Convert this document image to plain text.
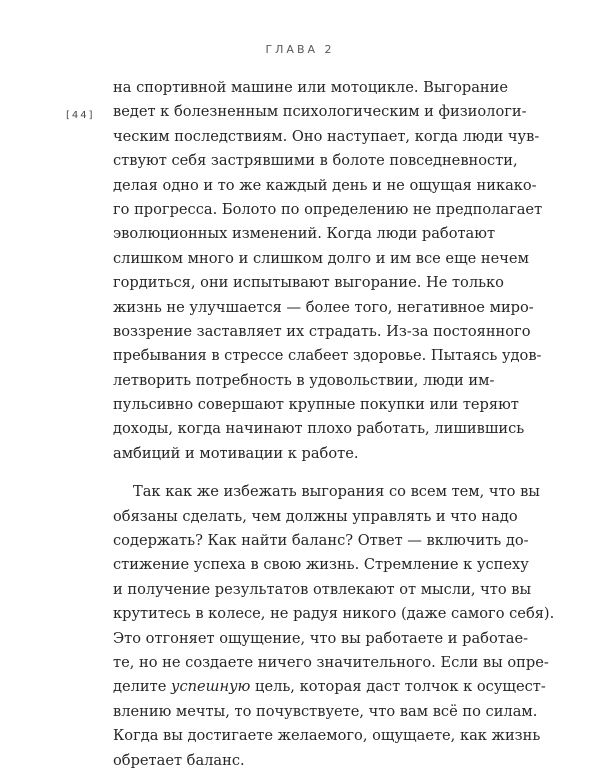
ГЛАВА 2
[44]
на спортивной машине или мотоцикле. Выгорание
ведет к болезненным психологическим и физиологи-
ческим последствиям. Оно наступает, когда люди чув-
ствуют себя застрявшими в болоте повседневности,
делая одно и то же каждый день и не ощущая никако-
го прогресса. Болото по определению не предполагает
эволюционных изменений. Когда люди работают
слишком много и слишком долго и им все еще нечем
гордиться, они испытывают выгорание. Не только
жизнь не улучшается — более того, негативное миро-
воззрение заставляет их страдать. Из-за постоянного
пребывания в стрессе слабеет здоровье. Пытаясь удов-
летворить потребность в удовольствии, люди им-
пульсивно совершают крупные покупки или теряют
доходы, когда начинают плохо работать, лишившись
амбиций и мотивации к работе.
Так как же избежать выгорания со всем тем, что вы
обязаны сделать, чем должны управлять и что надо
содержать? Как найти баланс? Ответ — включить до-
стижение успеха в свою жизнь. Стремление к успеху
и получение результатов отвлекают от мысли, что вы
крутитесь в колесе, не радуя никого (даже самого себя).
Это отгоняет ощущение, что вы работаете и работае-
те, но не создаете ничего значительного. Если вы опре-
делите успешную цель, которая даст толчок к осущест-
влению мечты, то почувствуете, что вам всё по силам.
Когда вы достигаете желаемого, ощущаете, как жизнь
обретает баланс.
